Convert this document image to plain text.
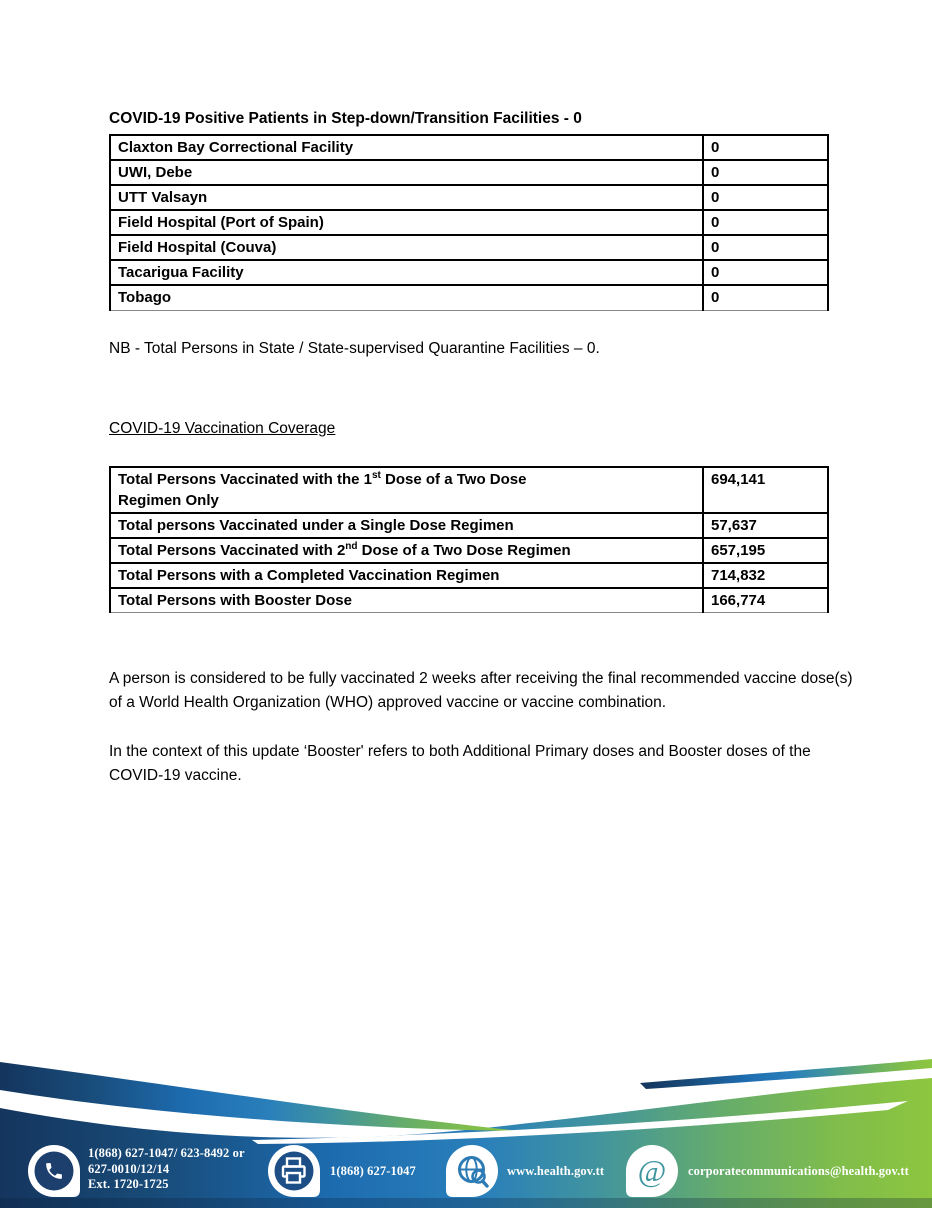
COVID-19 Positive Patients in Step-down/Transition Facilities - 0
Claxton Bay Correctional Facility	0
UWI, Debe	0
UTT Valsayn	0
Field Hospital (Port of Spain)	0
Field Hospital (Couva)	0
Tacarigua Facility	0
Tobago	0

NB - Total Persons in State / State-supervised Quarantine Facilities – 0.

COVID-19 Vaccination Coverage
Total Persons Vaccinated with the 1st Dose of a Two Dose
Regimen Only	694,141
Total persons Vaccinated under a Single Dose Regimen	57,637
Total Persons Vaccinated with 2nd Dose of a Two Dose Regimen	657,195
Total Persons with a Completed Vaccination Regimen	714,832
Total Persons with Booster Dose	166,774

A person is considered to be fully vaccinated 2 weeks after receiving the final recommended vaccine dose(s) of a World Health Organization (WHO) approved vaccine or vaccine combination.

In the context of this update ‘Booster' refers to both Additional Primary doses and Booster doses of the COVID-19 vaccine.

1(868) 627-1047/ 623-8492 or
627-0010/12/14
Ext. 1720-1725
1(868) 627-1047	www.health.gov.tt @ corporatecommunications@health.gov.tt
